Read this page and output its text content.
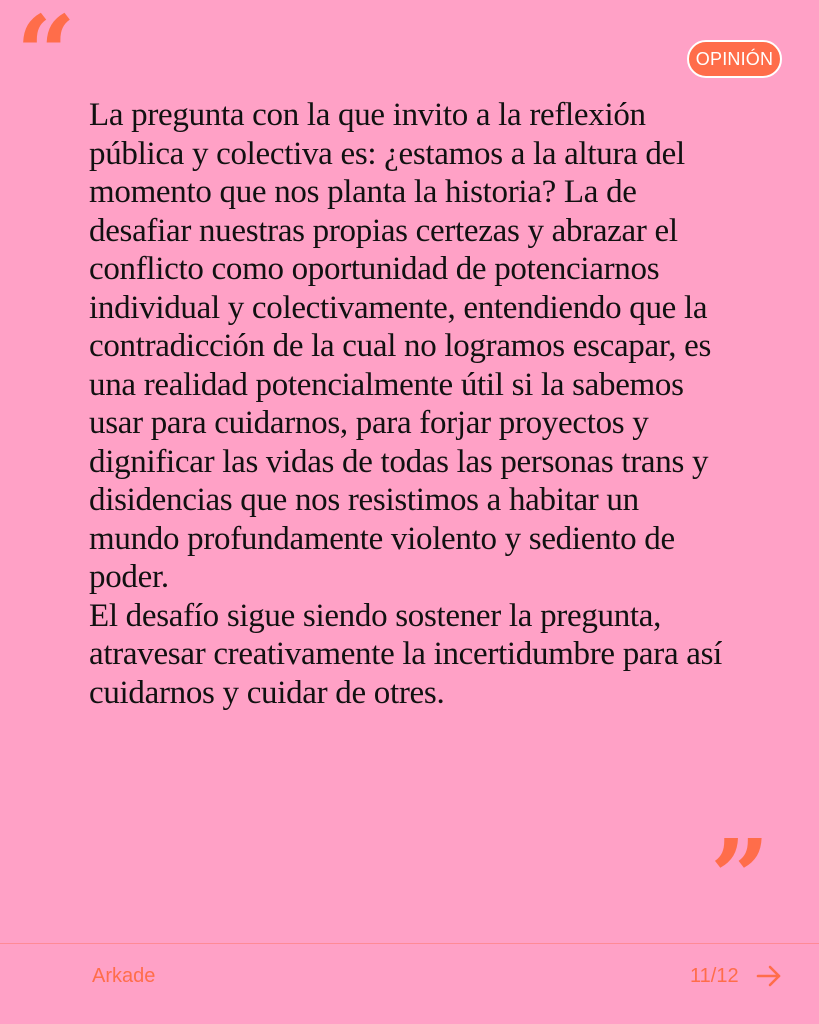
“	OPINIÓN

La pregunta con la que invito a la reflexión pública y colectiva es: ¿estamos a la altura del momento que nos planta la historia? La de desafiar nuestras propias certezas y abrazar el conflicto como oportunidad de potenciarnos individual y colectivamente, entendiendo que la contradicción de la cual no logramos escapar, es una realidad potencialmente útil si la sabemos usar para cuidarnos, para forjar proyectos y dignificar las vidas de todas las personas trans y disidencias que nos resistimos a habitar un mundo profundamente violento y sediento de poder.

El desafío sigue siendo sostener la pregunta, atravesar creativamente la incertidumbre para así cuidarnos y cuidar de otres.

”
Arkade	11/12
